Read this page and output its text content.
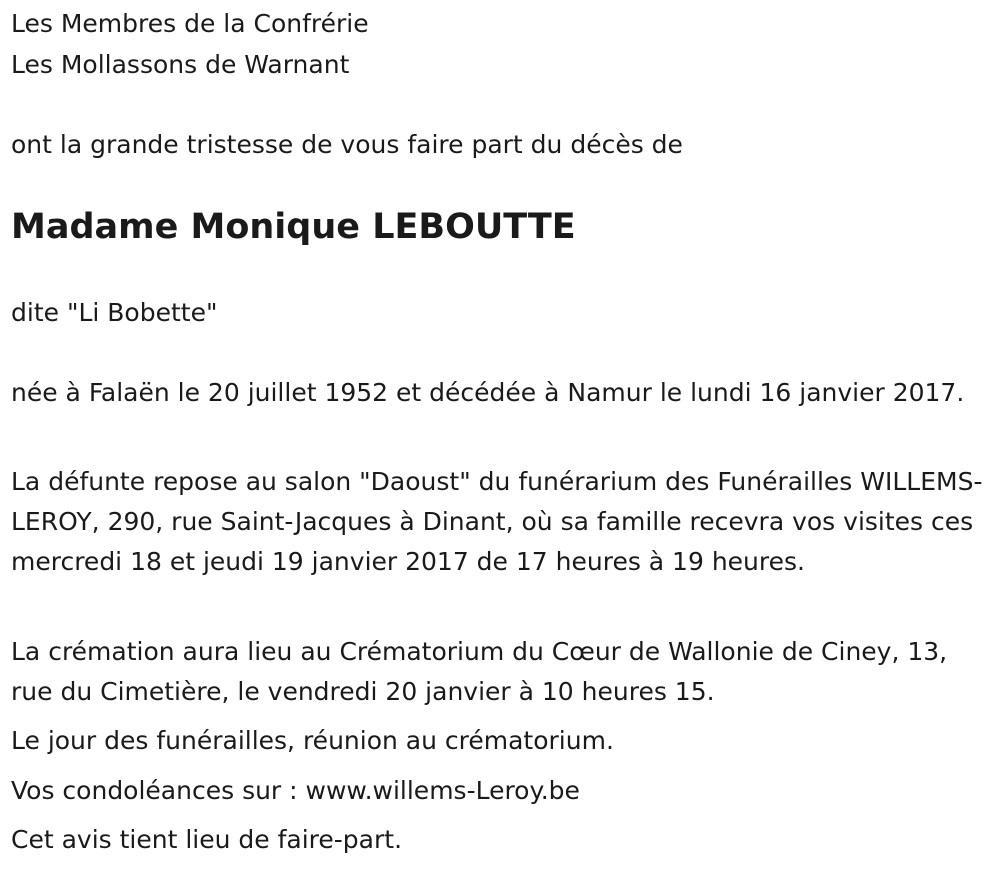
Les Membres de la Confrérie

Les Mollassons de Warnant

ont la grande tristesse de vous faire part du décès de

Madame Monique LEBOUTTE

dite "Li Bobette"

née à Falaën le 20 juillet 1952 et décédée à Namur le lundi 16 janvier 2017.

La défunte repose au salon "Daoust" du funérarium des Funérailles WILLEMS-LEROY, 290, rue Saint-Jacques à Dinant, où sa famille recevra vos visites ces mercredi 18 et jeudi 19 janvier 2017 de 17 heures à 19 heures.

La crémation aura lieu au Crématorium du Cœur de Wallonie de Ciney, 13, rue du Cimetière, le vendredi 20 janvier à 10 heures 15.

Le jour des funérailles, réunion au crématorium.

Vos condoléances sur : www.willems-Leroy.be

Cet avis tient lieu de faire-part.
